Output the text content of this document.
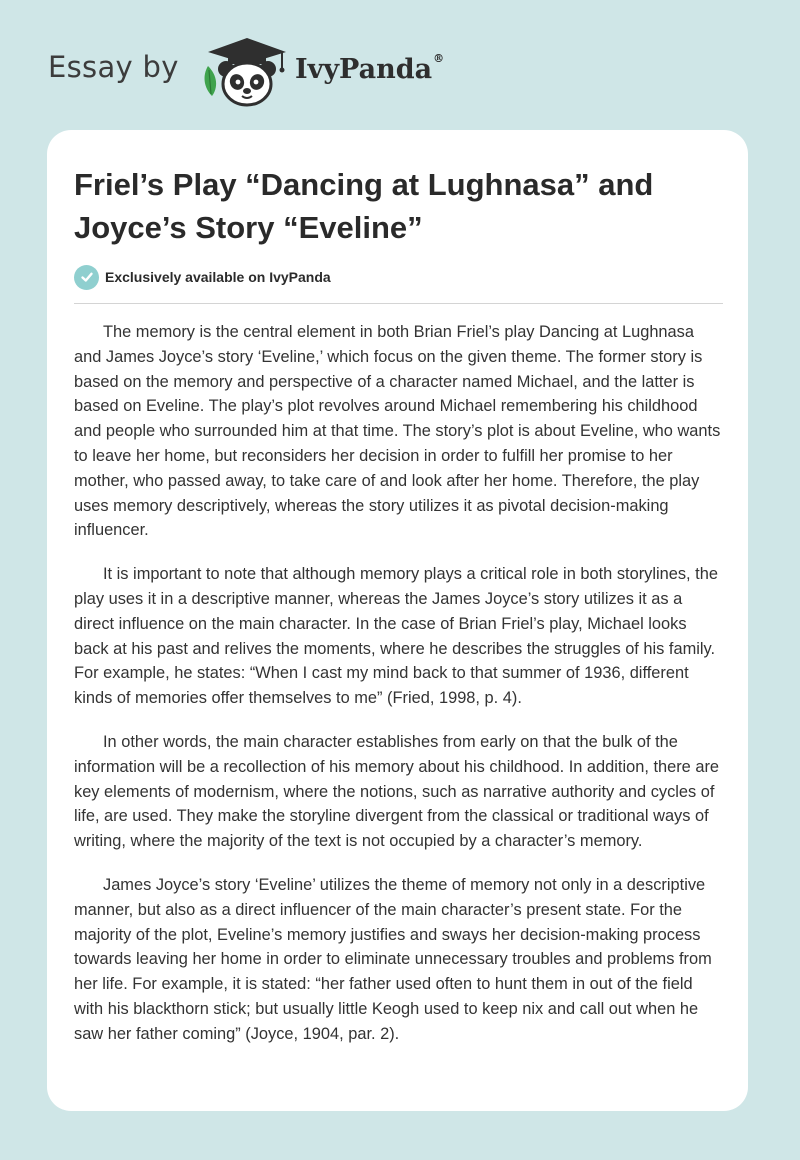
Essay by	IvyPanda®
Friel’s Play “Dancing at Lughnasa” and Joyce’s Story “Eveline”
Exclusively available on IvyPanda

The memory is the central element in both Brian Friel’s play Dancing at Lughnasa and James Joyce’s story ‘Eveline,’ which focus on the given theme. The former story is based on the memory and perspective of a character named Michael, and the latter is based on Eveline. The play’s plot revolves around Michael remembering his childhood and people who surrounded him at that time. The story’s plot is about Eveline, who wants to leave her home, but reconsiders her decision in order to fulfill her promise to her mother, who passed away, to take care of and look after her home. Therefore, the play uses memory descriptively, whereas the story utilizes it as pivotal decision-making influencer.

It is important to note that although memory plays a critical role in both storylines, the play uses it in a descriptive manner, whereas the James Joyce’s story utilizes it as a direct influence on the main character. In the case of Brian Friel’s play, Michael looks back at his past and relives the moments, where he describes the struggles of his family. For example, he states: “When I cast my mind back to that summer of 1936, different kinds of memories offer themselves to me” (Fried, 1998, p. 4).

In other words, the main character establishes from early on that the bulk of the information will be a recollection of his memory about his childhood. In addition, there are key elements of modernism, where the notions, such as narrative authority and cycles of life, are used. They make the storyline divergent from the classical or traditional ways of writing, where the majority of the text is not occupied by a character’s memory.

James Joyce’s story ‘Eveline’ utilizes the theme of memory not only in a descriptive manner, but also as a direct influencer of the main character’s present state. For the majority of the plot, Eveline’s memory justifies and sways her decision-making process towards leaving her home in order to eliminate unnecessary troubles and problems from her life. For example, it is stated: “her father used often to hunt them in out of the field with his blackthorn stick; but usually little Keogh used to keep nix and call out when he saw her father coming” (Joyce, 1904, par. 2).
